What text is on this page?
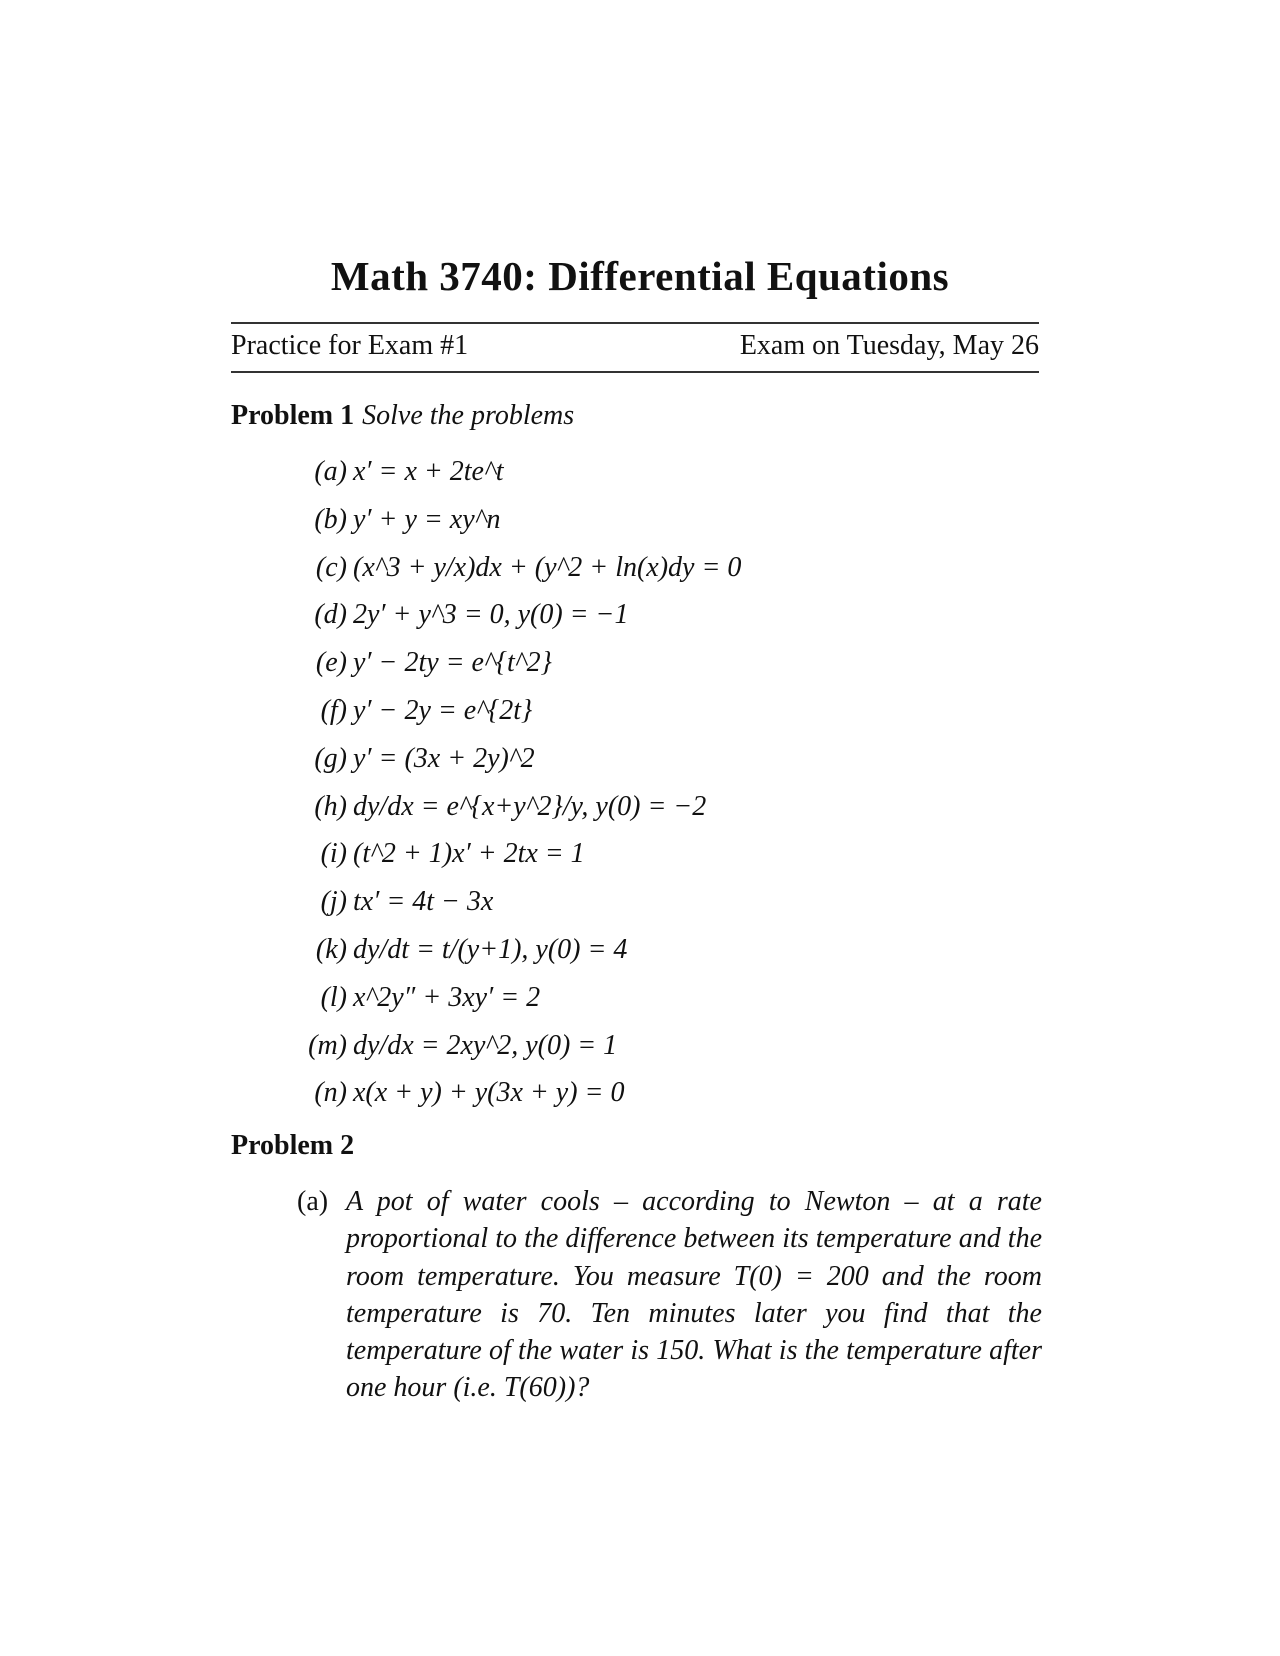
Math 3740: Differential Equations
Practice for Exam #1	Exam on Tuesday, May 26
Problem 1 Solve the problems
(a) x′ = x + 2te^t
(b) y′ + y = xy^n
(c) (x^3 + y/x)dx + (y^2 + ln(x)dy = 0
(d) 2y′ + y^3 = 0, y(0) = −1
(e) y′ − 2ty = e^{t^2}
(f) y′ − 2y = e^{2t}
(g) y′ = (3x + 2y)^2
(h) dy/dx = e^{x+y^2}/y, y(0) = −2
(i) (t^2 + 1)x′ + 2tx = 1
(j) tx′ = 4t − 3x
(k) dy/dt = t/(y+1), y(0) = 4
(l) x^2y″ + 3xy′ = 2
(m) dy/dx = 2xy^2, y(0) = 1
(n) x(x + y) + y(3x + y) = 0
Problem 2
(a) A pot of water cools – according to Newton – at a rate proportional to the difference between its temperature and the room temperature. You measure T(0) = 200 and the room temperature is 70. Ten minutes later you find that the temperature of the water is 150. What is the temperature after one hour (i.e. T(60))?
